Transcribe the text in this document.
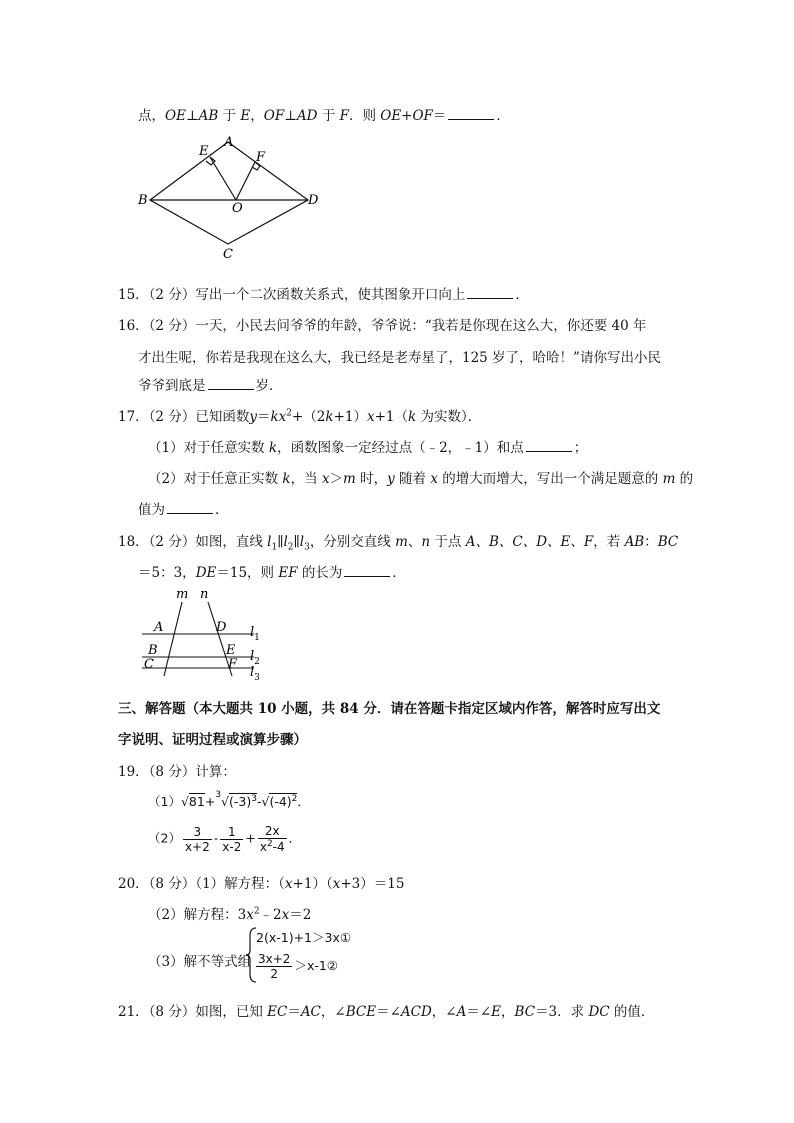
点，OE⊥AB 于 E，OF⊥AD 于 F．则 OE+OF＝	．
A
B
C
D
E	F
O
15．（2 分）写出一个二次函数关系式，使其图象开口向上	．
16．（2 分）一天，小民去问爷爷的年龄，爷爷说：“我若是你现在这么大，你还要 40 年
才出生呢，你若是我现在这么大，我已经是老寿星了，125 岁了，哈哈！”请你写出小民
爷爷到底是	岁．
17．（2 分）已知函数$y=kx^2+(2k+1)x+1(k$ 为实数）．
（1）对于任意实数 k，函数图象一定经过点（﹣2，﹣1）和点	；
（2）对于任意正实数 k，当 x＞m 时，y 随着 x 的增大而增大，写出一个满足题意的 m 的
值为	．
18．（2 分）如图，直线 $l_1\parallel l_2\parallel l_3$，分别交直线 m、n 于点 A、B、C、D、E、F，若 AB：BC
＝5：3，DE＝15，则 EF 的长为	．
m n
A	D
B	E
C	F
$l_1$
$l_2$
$l_3$
三、解答题（本大题共 10 小题，共 84 分．请在答题卡指定区域内作答，解答时应写出文
字说明、证明过程或演算步骤）
19．（8 分）计算：
$(1)√81+^3√(-3)^3-√(-4)^2$．
$(2) \frac{3}{x+2} - \frac{1}{x-2} + \frac{2x}{x^2-4}$ ．
20．（8 分）（1）解方程：（x+1）（x+3）＝15
（2）解方程：$3x^2﹣2x=2$
（3）解不等式组
2(x-1)+1＞3x①
$\frac{3x+2}{2}$ ＞x-1②
21．（8 分）如图，已知 EC＝AC，∠BCE＝∠ACD，∠A＝∠E，BC＝3．求 DC 的值．
